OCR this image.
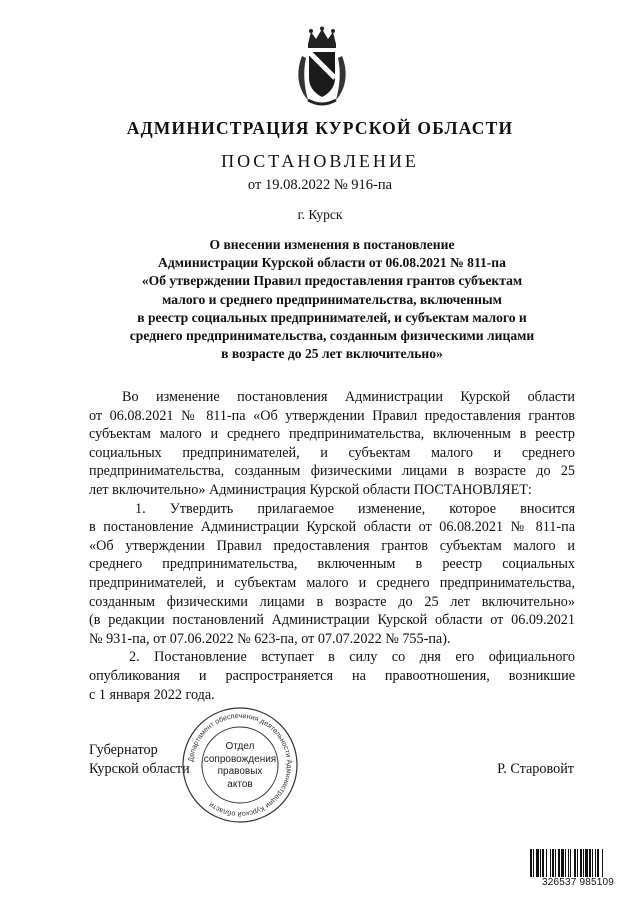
АДМИНИСТРАЦИЯ КУРСКОЙ ОБЛАСТИ
ПОСТАНОВЛЕНИЕ
от 19.08.2022 № 916-па
г. Курск
О внесении изменения в постановление
Администрации Курской области от 06.08.2021 № 811-па
«Об утверждении Правил предоставления грантов субъектам
малого и среднего предпринимательства, включенным
в реестр социальных предпринимателей, и субъектам малого и
среднего предпринимательства, созданным физическими лицами
в возрасте до 25 лет включительно»
Во изменение постановления Администрации Курской области
от 06.08.2021 № 811-па «Об утверждении Правил предоставления грантов
субъектам малого и среднего предпринимательства, включенным в реестр
социальных предпринимателей, и субъектам малого и среднего
предпринимательства, созданным физическими лицами в возрасте до 25
лет включительно» Администрация Курской области ПОСТАНОВЛЯЕТ:
1. Утвердить прилагаемое изменение, которое вносится
в постановление Администрации Курской области от 06.08.2021 № 811-па
«Об утверждении Правил предоставления грантов субъектам малого и
среднего предпринимательства, включенным в реестр социальных
предпринимателей, и субъектам малого и среднего предпринимательства,
созданным физическими лицами в возрасте до 25 лет включительно»
(в редакции постановлений Администрации Курской области от 06.09.2021
№ 931-па, от 07.06.2022 № 623-па, от 07.07.2022 № 755-па).
2. Постановление вступает в силу со дня его официального
опубликования и распространяется на правоотношения, возникшие
с 1 января 2022 года.
Губернатор
Курской области	Р. Старовойт
Департамент обеспечения деятельности Администрации Курской области
Отдел
сопровождения
правовых
актов
326537 985109
